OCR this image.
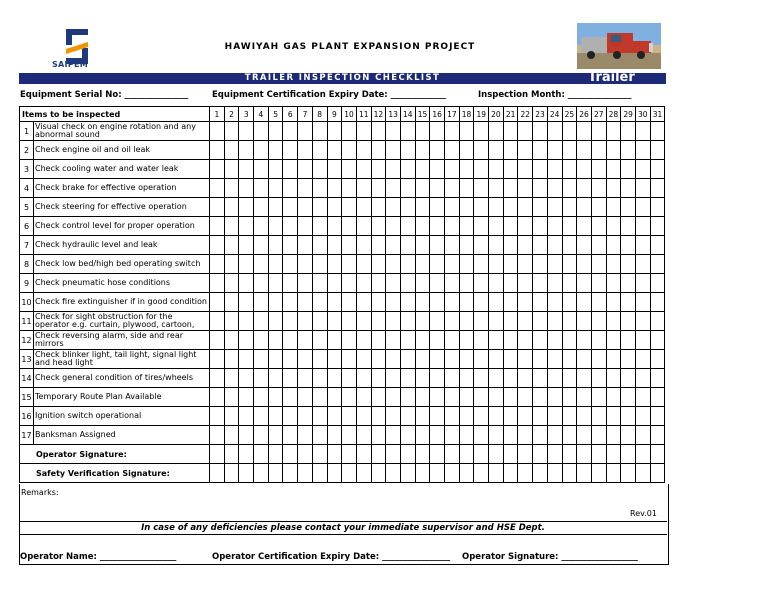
SAIPEM
HAWIYAH GAS PLANT EXPANSION PROJECT
TRAILER INSPECTION CHECKLIST	Trailer
Equipment Serial No: _______________	Equipment Certification Expiry Date: _____________	Inspection Month: _______________
Items to be inspected		1	2	3	4	5	6	7	8	9	10	11	12	13	14	15	16	17	18	19	20	21	22	23	24	25	26	27	28	29	30	31
1	Visual check on engine rotation and any abnormal sound																															
2	Check engine oil and oil leak																															
3	Check cooling water and water leak																															
4	Check brake for effective operation																															
5	Check steering for effective operation																															
6	Check control level for proper operation																															
7	Check hydraulic level and leak																															
8	Check low bed/high bed operating switch																															
9	Check pneumatic hose conditions																															
10	Check fire extinguisher if in good condition																															
11	Check for sight obstruction for the operator e.g. curtain, plywood, cartoon,																															
12	Check reversing alarm, side and rear mirrors																															
13	Check blinker light, tail light, signal light and head light																															
14	Check general condition of tires/wheels																															
15	Temporary Route Plan Available																															
16	Ignition switch operational																															
17	Banksman Assigned																															
Operator Signature:																																
Safety Verification Signature:																																
Remarks:
Rev.01
In case of any deficiencies please contact your immediate supervisor and HSE Dept.
Operator Name: __________________	Operator Certification Expiry Date: ________________ Operator Signature: __________________
